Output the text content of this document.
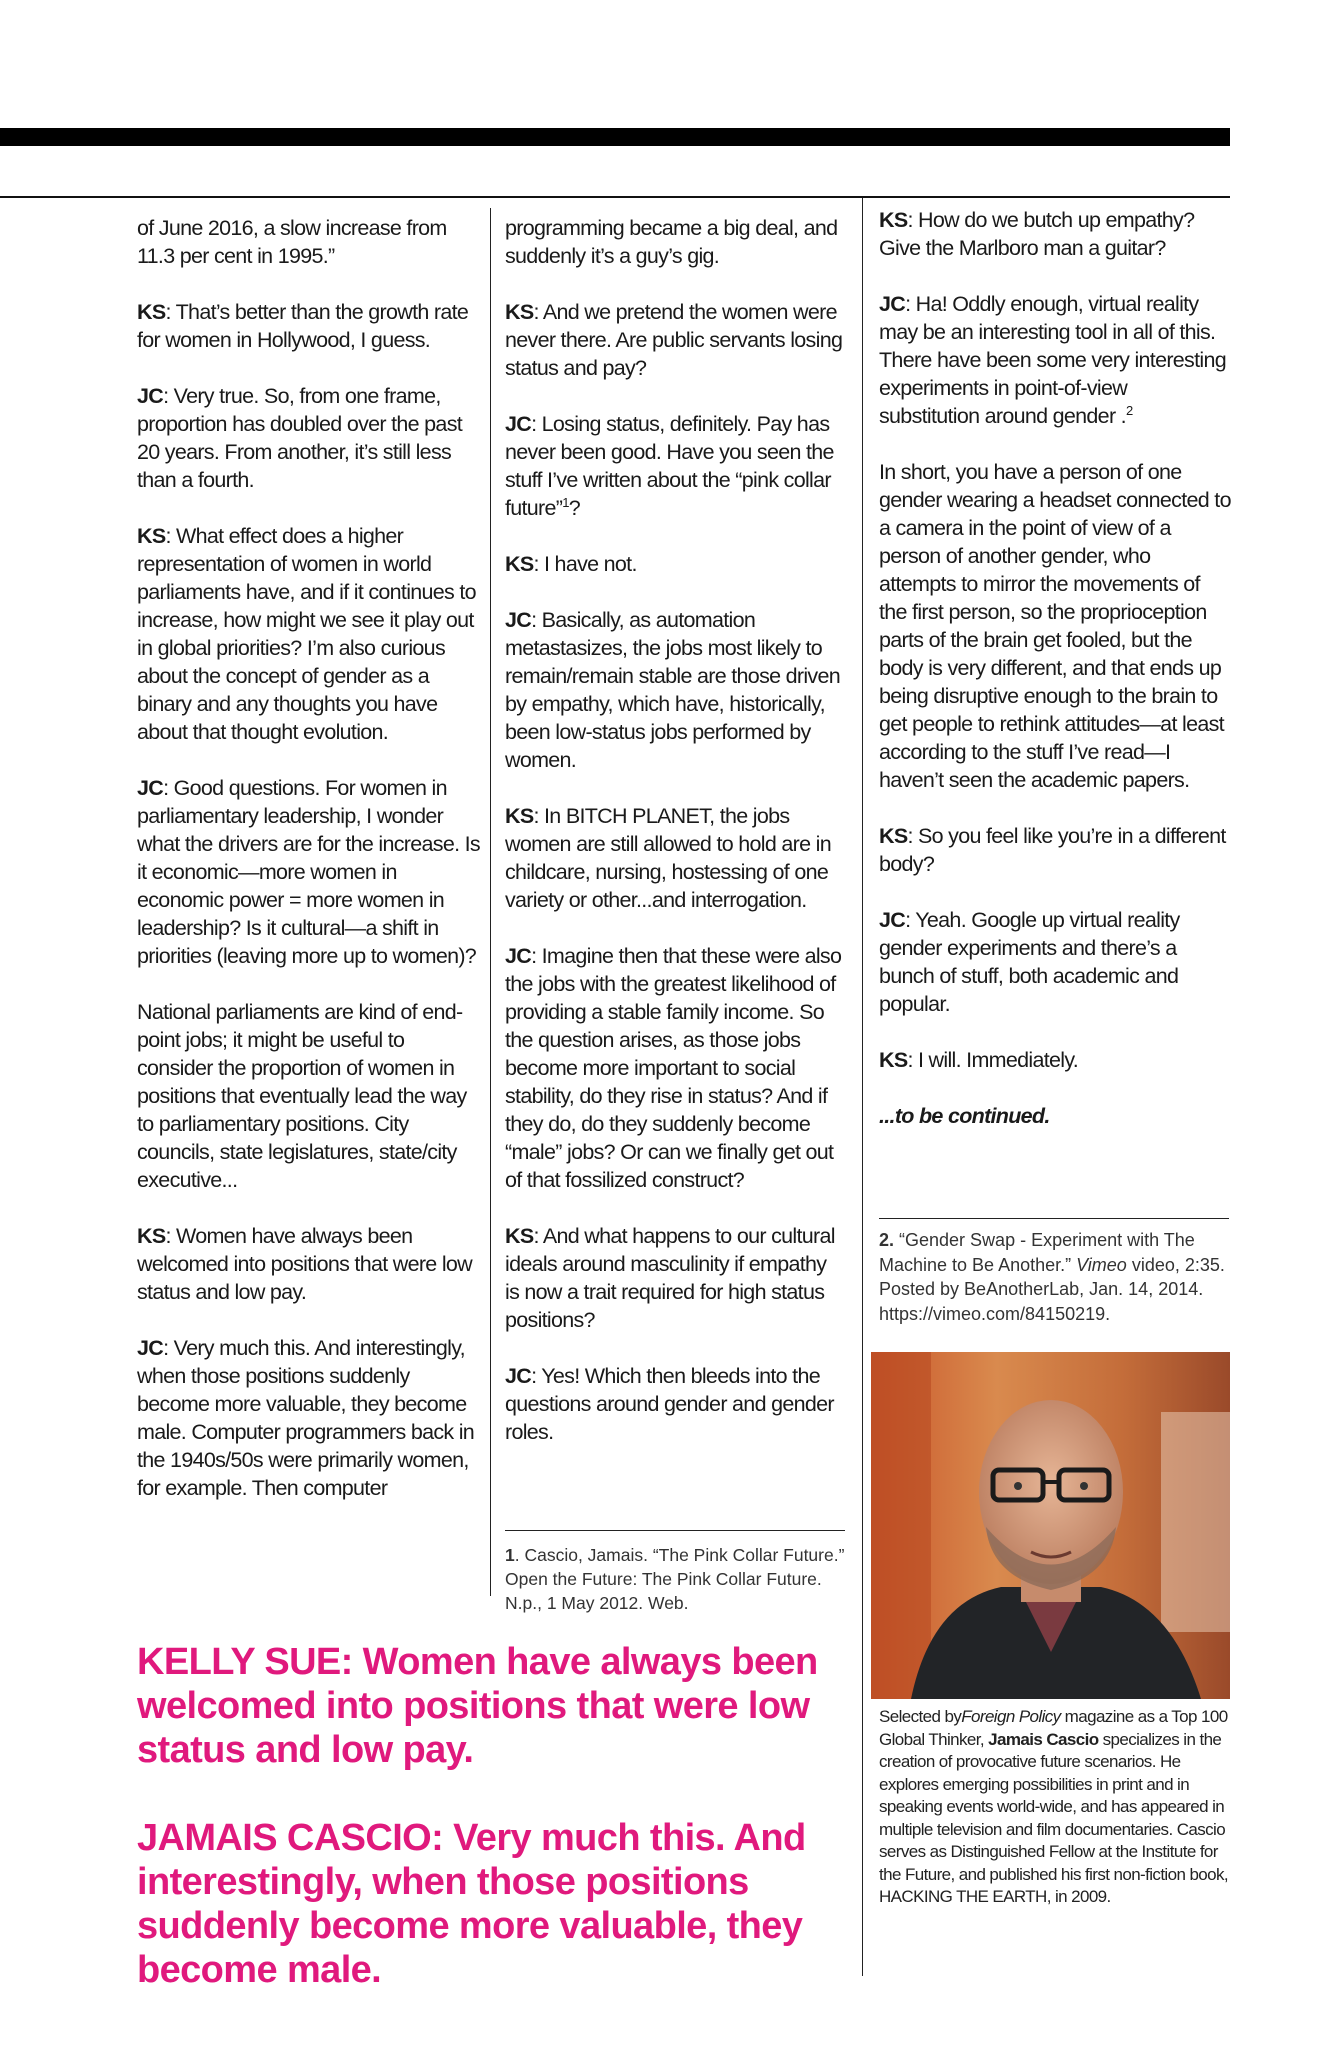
of June 2016, a slow increase from 11.3 per cent in 1995.”

KS: That’s better than the growth rate for women in Hollywood, I guess.

JC: Very true. So, from one frame, proportion has doubled over the past 20 years. From another, it’s still less than a fourth.

KS: What effect does a higher representation of women in world parliaments have, and if it continues to increase, how might we see it play out in global priorities? I’m also curious about the concept of gender as a binary and any thoughts you have about that thought evolution.

JC: Good questions. For women in parliamentary leadership, I wonder what the drivers are for the increase. Is it economic—more women in economic power = more women in leadership? Is it cultural—a shift in priorities (leaving more up to women)?

National parliaments are kind of end-point jobs; it might be useful to consider the proportion of women in positions that eventually lead the way to parliamentary positions. City councils, state legislatures, state/city executive...

KS: Women have always been welcomed into positions that were low status and low pay.

JC: Very much this. And interestingly, when those positions suddenly become more valuable, they become male. Computer programmers back in the 1940s/50s were primarily women, for example. Then computer

programming became a big deal, and suddenly it’s a guy’s gig.

KS: And we pretend the women were never there. Are public servants losing status and pay?

JC: Losing status, definitely. Pay has never been good. Have you seen the stuff I’ve written about the “pink collar future”$^1$?

KS: I have not.

JC: Basically, as automation metastasizes, the jobs most likely to remain/remain stable are those driven by empathy, which have, historically, been low-status jobs performed by women.

KS: In BITCH PLANET, the jobs women are still allowed to hold are in childcare, nursing, hostessing of one variety or other...and interrogation.

JC: Imagine then that these were also the jobs with the greatest likelihood of providing a stable family income. So the question arises, as those jobs become more important to social stability, do they rise in status? And if they do, do they suddenly become “male” jobs? Or can we finally get out of that fossilized construct?

KS: And what happens to our cultural ideals around masculinity if empathy is now a trait required for high status positions?

JC: Yes! Which then bleeds into the questions around gender and gender roles.

1. Cascio, Jamais. “The Pink Collar Future.” Open the Future: The Pink Collar Future. N.p., 1 May 2012. Web.

KS: How do we butch up empathy? Give the Marlboro man a guitar?

JC: Ha! Oddly enough, virtual reality may be an interesting tool in all of this. There have been some very interesting experiments in point-of-view substitution around gender .$^2$

In short, you have a person of one gender wearing a headset connected to a camera in the point of view of a person of another gender, who attempts to mirror the movements of the first person, so the proprioception parts of the brain get fooled, but the body is very different, and that ends up being disruptive enough to the brain to get people to rethink attitudes—at least according to the stuff I’ve read—I haven’t seen the academic papers.

KS: So you feel like you’re in a different body?

JC: Yeah. Google up virtual reality gender experiments and there’s a bunch of stuff, both academic and popular.

KS: I will. Immediately.

...to be continued.

2. “Gender Swap - Experiment with The Machine to Be Another.” Vimeo video, 2:35. Posted by BeAnotherLab, Jan. 14, 2014. https://vimeo.com/84150219.
Selected byForeign Policy magazine as a Top 100 Global Thinker, Jamais Cascio specializes in the creation of provocative future scenarios. He explores emerging possibilities in print and in speaking events world-wide, and has appeared in multiple television and film documentaries. Cascio serves as Distinguished Fellow at the Institute for the Future, and published his first non-fiction book, HACKING THE EARTH, in 2009.

KELLY SUE: Women have always been welcomed into positions that were low status and low pay.

JAMAIS CASCIO: Very much this. And interestingly, when those positions suddenly become more valuable, they become male.
